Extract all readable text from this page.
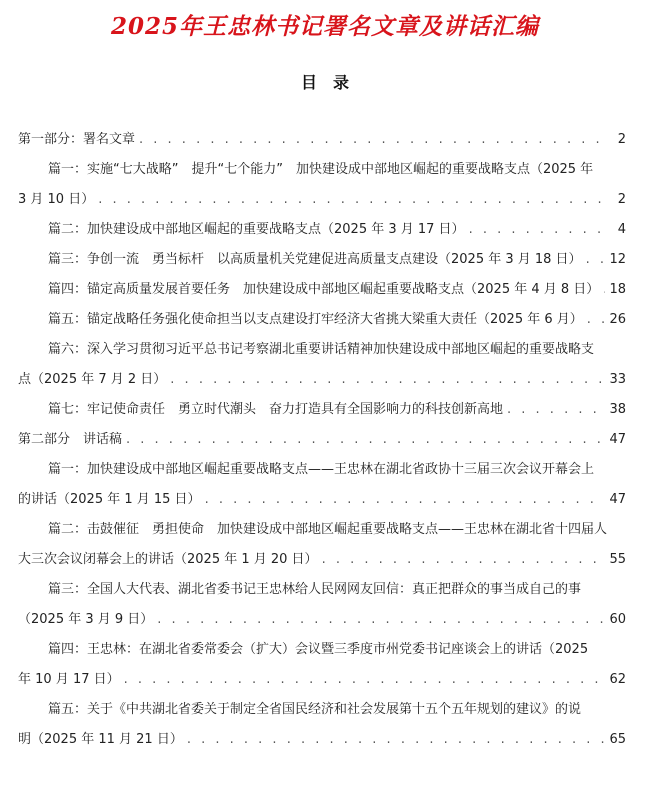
2025年王忠林书记署名文章及讲话汇编
目　录
第一部分：署名文章 . . .	2
篇一：实施“七大战略”　提升“七个能力”　加快建设成中部地区崛起的重要战略支点（2025 年
3 月 10 日） . . .	2
篇二：加快建设成中部地区崛起的重要战略支点（2025 年 3 月 17 日） . . .	4
篇三：争创一流　勇当标杆　以高质量机关党建促进高质量支点建设（2025 年 3 月 18 日） . . . 12
篇四：锚定高质量发展首要任务　加快建设成中部地区崛起重要战略支点（2025 年 4 月 8 日） . . . 18
篇五：锚定战略任务强化使命担当以支点建设打牢经济大省挑大梁重大责任（2025 年 6 月） . . . 26
篇六：深入学习贯彻习近平总书记考察湖北重要讲话精神加快建设成中部地区崛起的重要战略支
点（2025 年 7 月 2 日） . . .	33
篇七：牢记使命责任　勇立时代潮头　奋力打造具有全国影响力的科技创新高地 . . .	38
第二部分　讲话稿 . . .	47
篇一：加快建设成中部地区崛起重要战略支点——王忠林在湖北省政协十三届三次会议开幕会上
的讲话（2025 年 1 月 15 日） . . .	47
篇二：击鼓催征　勇担使命　加快建设成中部地区崛起重要战略支点——王忠林在湖北省十四届人
大三次会议闭幕会上的讲话（2025 年 1 月 20 日） . . .	55
篇三：全国人大代表、湖北省委书记王忠林给人民网网友回信：真正把群众的事当成自己的事
（2025 年 3 月 9 日） . . .	60
篇四：王忠林：在湖北省委常委会（扩大）会议暨三季度市州党委书记座谈会上的讲话（2025
年 10 月 17 日） . . .	62
篇五：关于《中共湖北省委关于制定全省国民经济和社会发展第十五个五年规划的建议》的说
明（2025 年 11 月 21 日） . . .	65
